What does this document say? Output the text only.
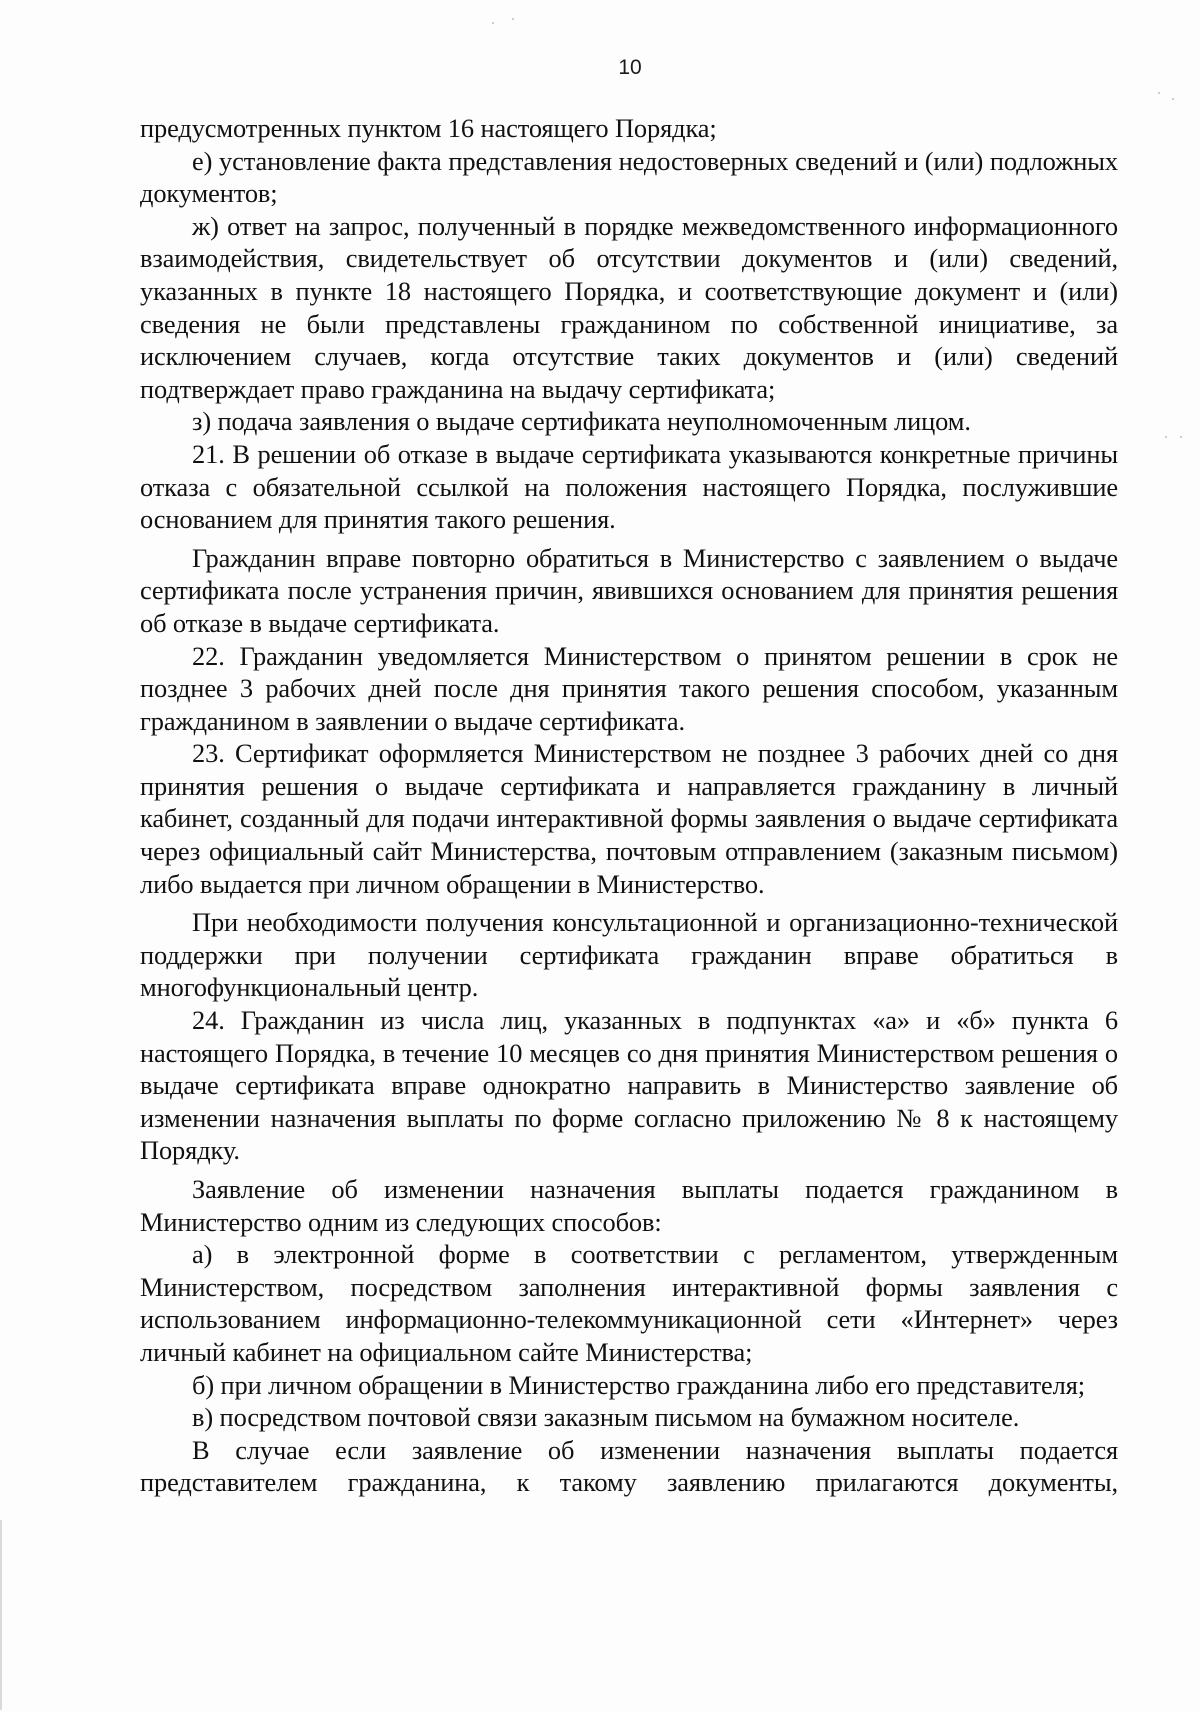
10

предусмотренных пунктом 16 настоящего Порядка;

е) установление факта представления недостоверных сведений и (или) подложных документов;

ж) ответ на запрос, полученный в порядке межведомственного информационного взаимодействия, свидетельствует об отсутствии документов и (или) сведений, указанных в пункте 18 настоящего Порядка, и соответствующие документ и (или) сведения не были представлены гражданином по собственной инициативе, за исключением случаев, когда отсутствие таких документов и (или) сведений подтверждает право гражданина на выдачу сертификата;

з) подача заявления о выдаче сертификата неуполномоченным лицом.

21. В решении об отказе в выдаче сертификата указываются конкретные причины отказа с обязательной ссылкой на положения настоящего Порядка, послужившие основанием для принятия такого решения.

Гражданин вправе повторно обратиться в Министерство с заявлением о выдаче сертификата после устранения причин, явившихся основанием для принятия решения об отказе в выдаче сертификата.

22. Гражданин уведомляется Министерством о принятом решении в срок не позднее 3 рабочих дней после дня принятия такого решения способом, указанным гражданином в заявлении о выдаче сертификата.

23. Сертификат оформляется Министерством не позднее 3 рабочих дней со дня принятия решения о выдаче сертификата и направляется гражданину в личный кабинет, созданный для подачи интерактивной формы заявления о выдаче сертификата через официальный сайт Министерства, почтовым отправлением (заказным письмом) либо выдается при личном обращении в Министерство.

При необходимости получения консультационной и организационно-технической поддержки при получении сертификата гражданин вправе обратиться в многофункциональный центр.

24. Гражданин из числа лиц, указанных в подпунктах «а» и «б» пункта 6 настоящего Порядка, в течение 10 месяцев со дня принятия Министерством решения о выдаче сертификата вправе однократно направить в Министерство заявление об изменении назначения выплаты по форме согласно приложению № 8 к настоящему Порядку.

Заявление об изменении назначения выплаты подается гражданином в Министерство одним из следующих способов:

а) в электронной форме в соответствии с регламентом, утвержденным Министерством, посредством заполнения интерактивной формы заявления с использованием информационно-телекоммуникационной сети «Интернет» через личный кабинет на официальном сайте Министерства;

б) при личном обращении в Министерство гражданина либо его представителя;

в) посредством почтовой связи заказным письмом на бумажном носителе.

В случае если заявление об изменении назначения выплаты подается представителем гражданина, к такому заявлению прилагаются документы,
